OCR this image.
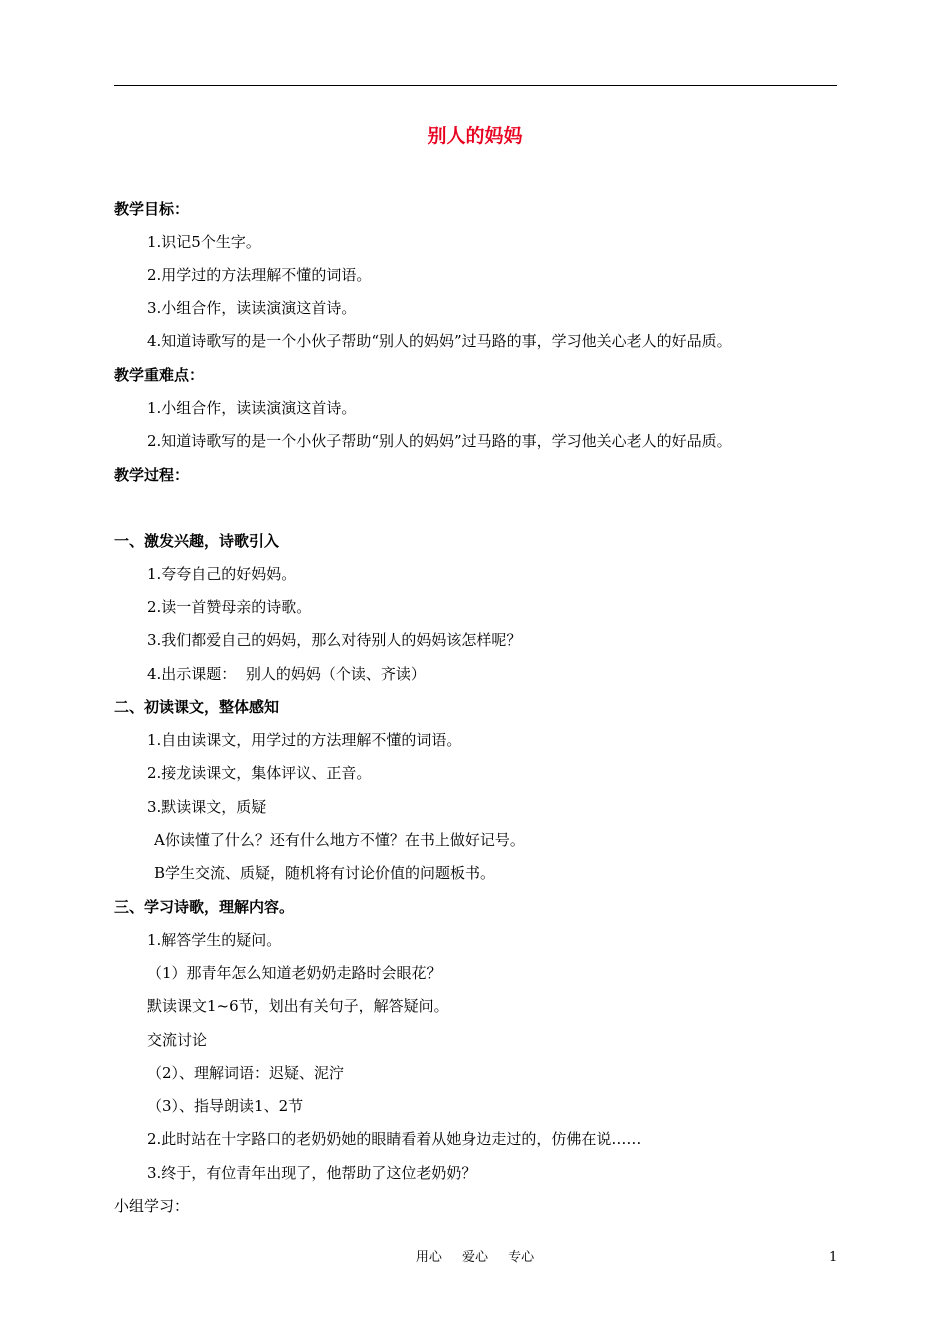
别人的妈妈
教学目标：
1.识记5个生字。
2.用学过的方法理解不懂的词语。
3.小组合作，读读演演这首诗。
4.知道诗歌写的是一个小伙子帮助“别人的妈妈”过马路的事，学习他关心老人的好品质。
教学重难点：
1.小组合作，读读演演这首诗。
2.知道诗歌写的是一个小伙子帮助“别人的妈妈”过马路的事，学习他关心老人的好品质。
教学过程：
一、激发兴趣，诗歌引入
1.夸夸自己的好妈妈。
2.读一首赞母亲的诗歌。
3.我们都爱自己的妈妈，那么对待别人的妈妈该怎样呢？
4.出示课题：  别人的妈妈（个读、齐读）
二、初读课文，整体感知
1.自由读课文，用学过的方法理解不懂的词语。
2.接龙读课文，集体评议、正音。
3.默读课文，质疑
A你读懂了什么？还有什么地方不懂？在书上做好记号。
B学生交流、质疑，随机将有讨论价值的问题板书。
三、学习诗歌，理解内容。
1.解答学生的疑问。
（1）那青年怎么知道老奶奶走路时会眼花？
默读课文1~6节，划出有关句子，解答疑问。
交流讨论
（2）、理解词语：迟疑、泥泞
（3）、指导朗读1、2节
2.此时站在十字路口的老奶奶她的眼睛看着从她身边走过的，仿佛在说……
3.终于，有位青年出现了，他帮助了这位老奶奶？
小组学习：
用心 爱心 专心	1
